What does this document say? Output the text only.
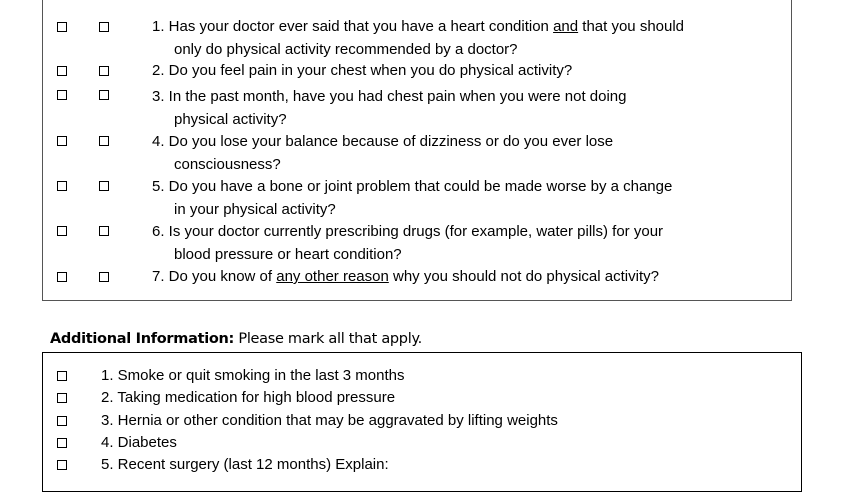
1. Has your doctor ever said that you have a heart condition and that you should
only do physical activity recommended by a doctor?
2. Do you feel pain in your chest when you do physical activity?
3. In the past month, have you had chest pain when you were not doing
physical activity?
4. Do you lose your balance because of dizziness or do you ever lose
consciousness?
5. Do you have a bone or joint problem that could be made worse by a change
in your physical activity?
6. Is your doctor currently prescribing drugs (for example, water pills) for your
blood pressure or heart condition?
7. Do you know of any other reason why you should not do physical activity?
Additional Information: Please mark all that apply.
1. Smoke or quit smoking in the last 3 months
2. Taking medication for high blood pressure
3. Hernia or other condition that may be aggravated by lifting weights
4. Diabetes
5. Recent surgery (last 12 months) Explain:
